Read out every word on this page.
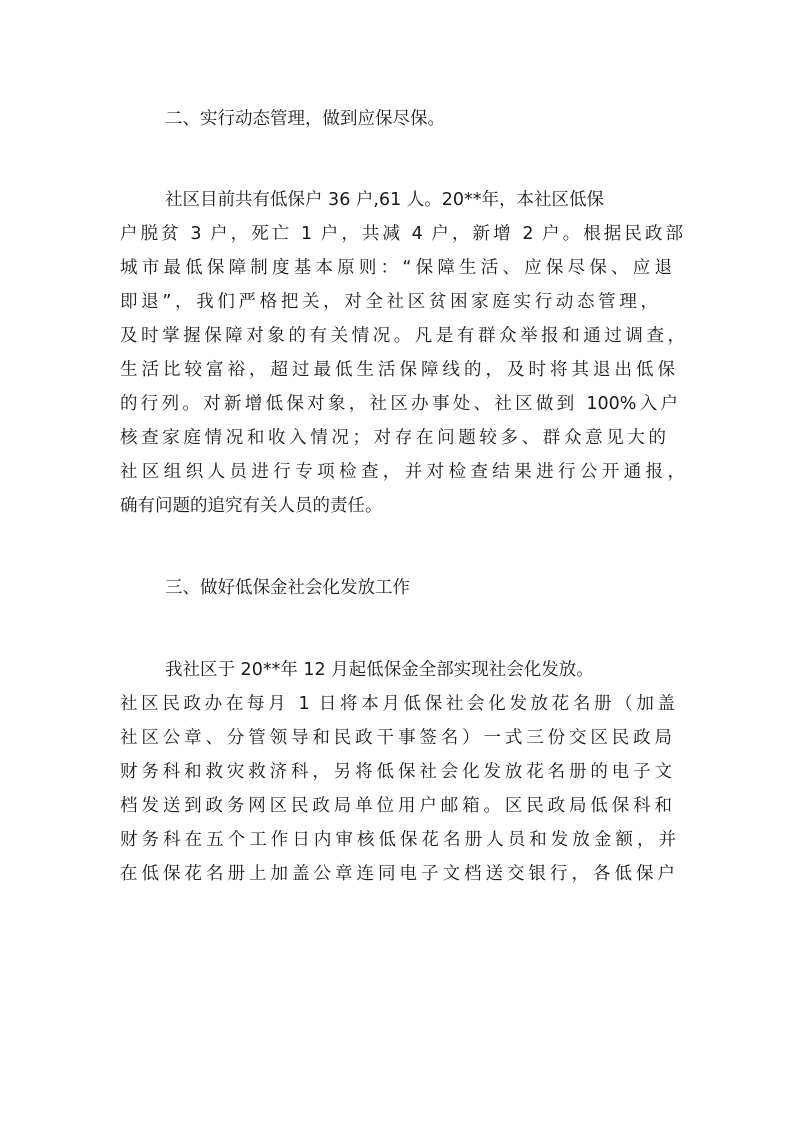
二、实行动态管理，做到应保尽保。

社区目前共有低保户 36 户,61 人。20**年，本社区低保

户脱贫 3 户，死亡 1 户，共减 4 户，新增 2 户。根据民政部

城市最低保障制度基本原则：“保障生活、应保尽保、应退

即退”，我们严格把关，对全社区贫困家庭实行动态管理，

及时掌握保障对象的有关情况。凡是有群众举报和通过调查，

生活比较富裕，超过最低生活保障线的，及时将其退出低保

的行列。对新增低保对象，社区办事处、社区做到 100%入户

核查家庭情况和收入情况；对存在问题较多、群众意见大的

社区组织人员进行专项检查，并对检查结果进行公开通报，

确有问题的追究有关人员的责任。

三、做好低保金社会化发放工作

我社区于 20**年 12 月起低保金全部实现社会化发放。

社区民政办在每月 1 日将本月低保社会化发放花名册（加盖

社区公章、分管领导和民政干事签名）一式三份交区民政局

财务科和救灾救济科，另将低保社会化发放花名册的电子文

档发送到政务网区民政局单位用户邮箱。区民政局低保科和

财务科在五个工作日内审核低保花名册人员和发放金额，并

在低保花名册上加盖公章连同电子文档送交银行，各低保户
